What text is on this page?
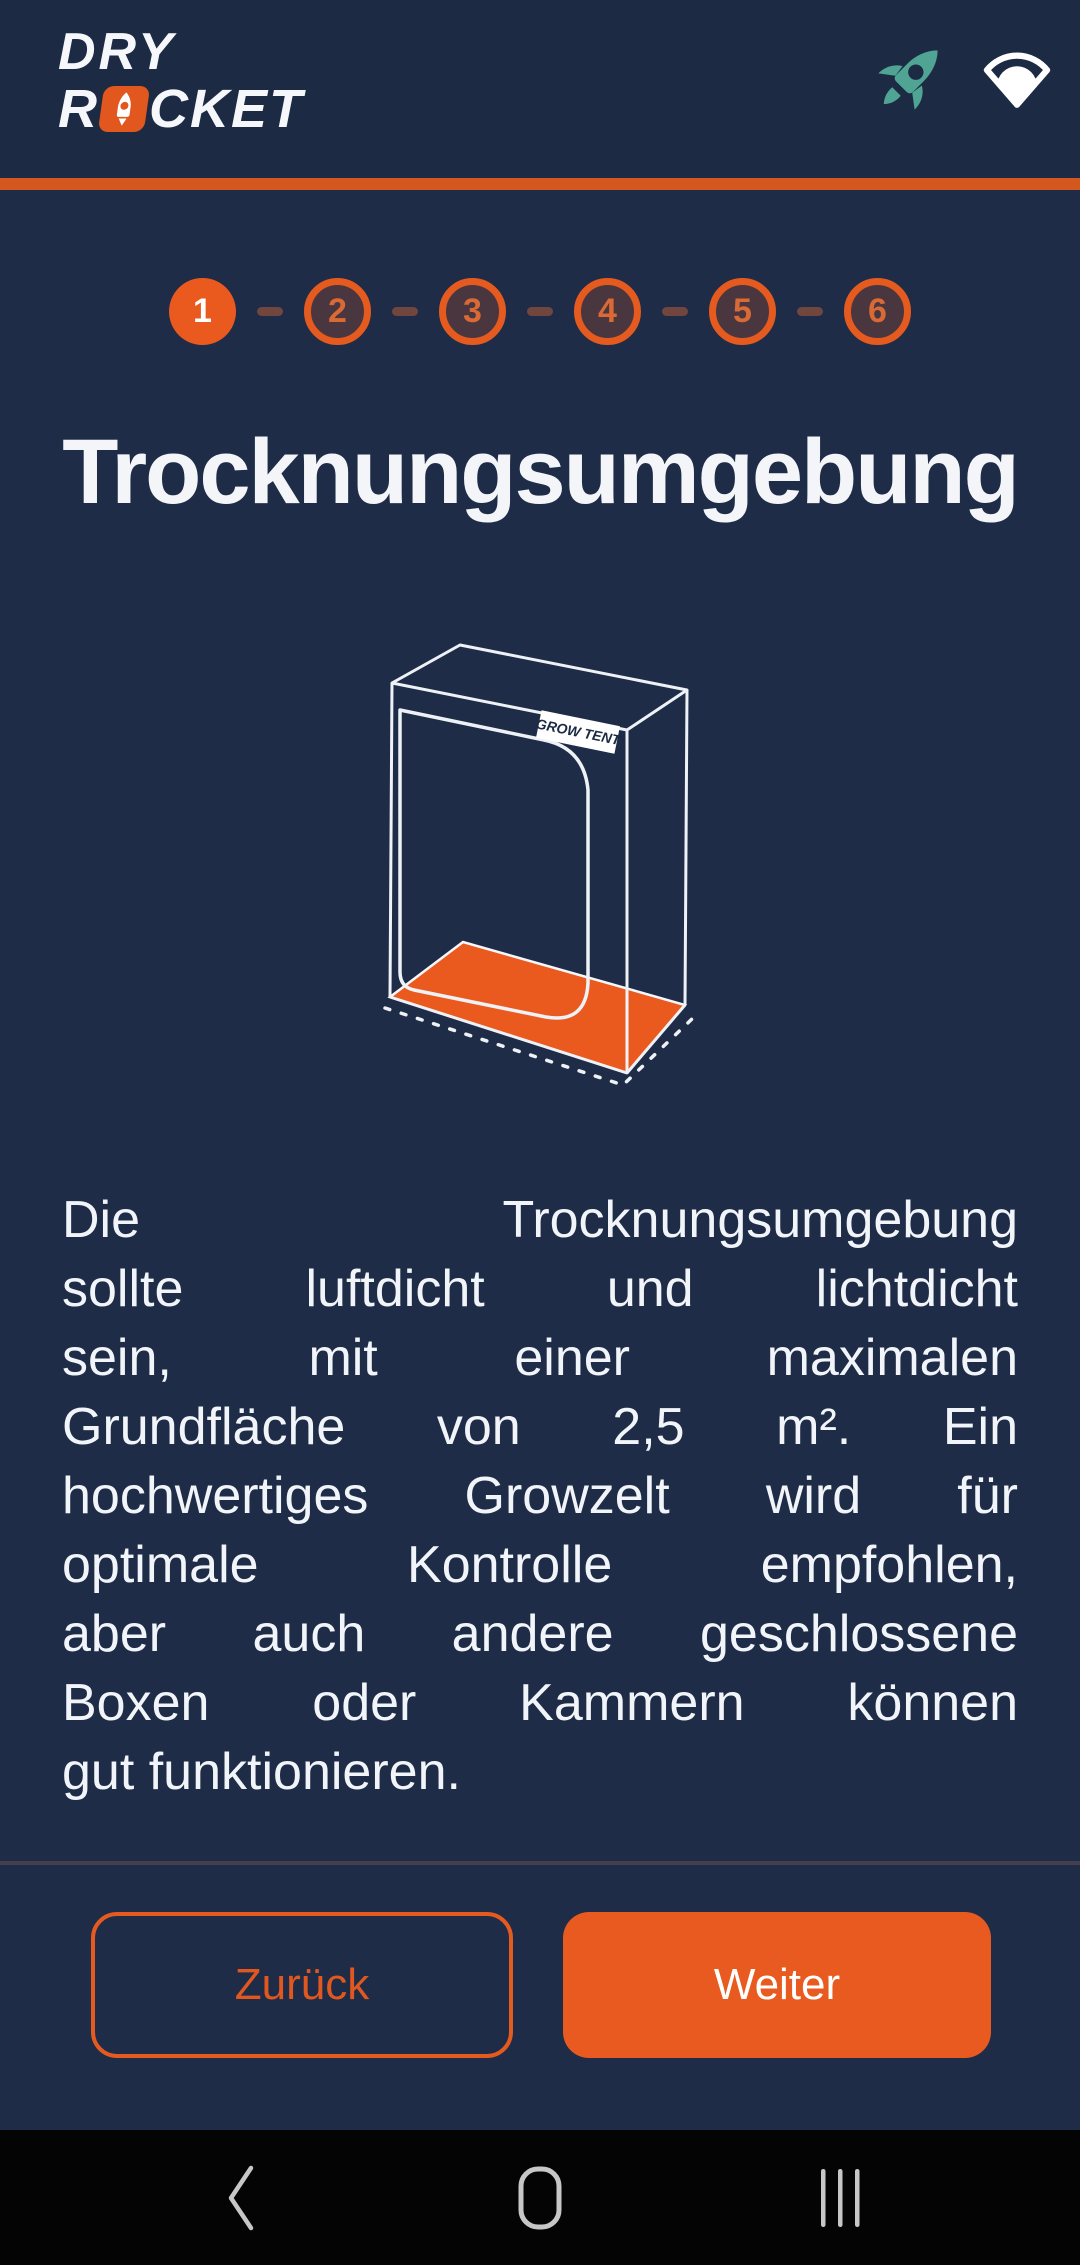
DRY
R CKET
1	2	3	4	5	6
Trocknungsumgebung
GROW TENT
Die Trocknungsumgebung
sollte luftdicht und lichtdicht
sein, mit einer maximalen
Grundfläche von 2,5 m². Ein
hochwertiges Growzelt wird für
optimale Kontrolle empfohlen,
aber auch andere geschlossene
Boxen oder Kammern können
gut funktionieren.
Zurück	Weiter
